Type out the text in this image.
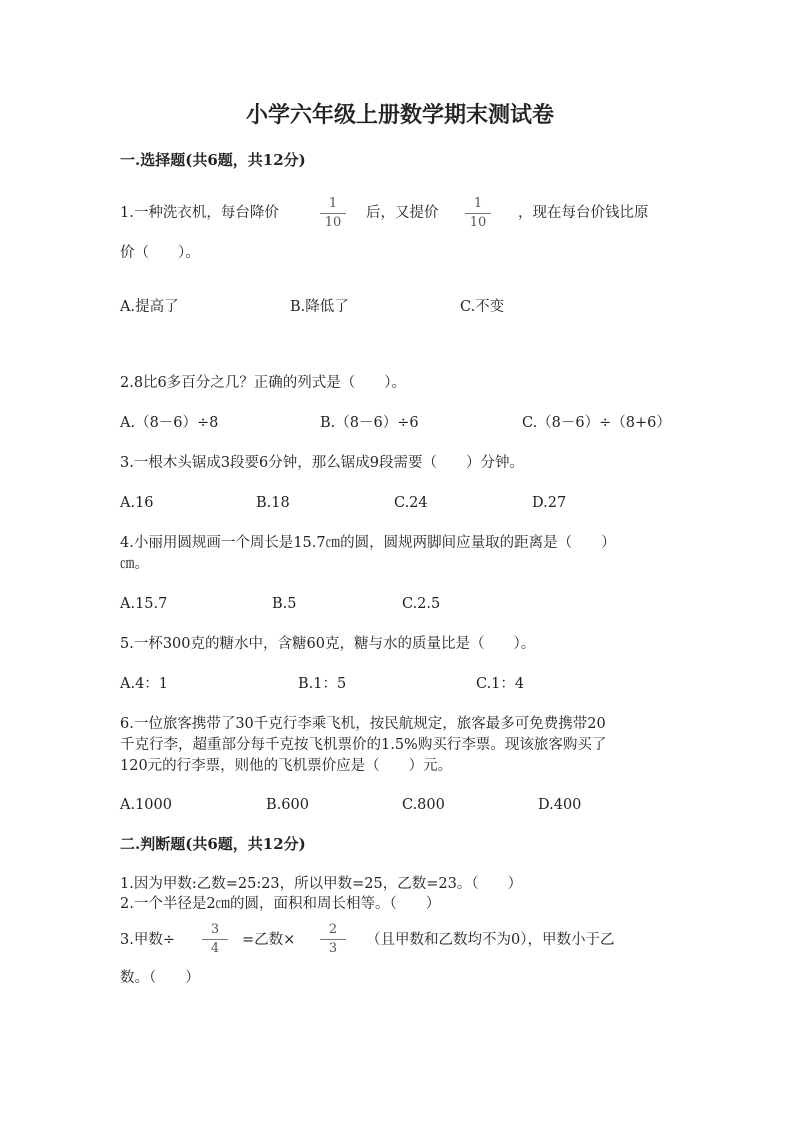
小学六年级上册数学期末测试卷
一.选择题(共6题，共12分)
1.一种洗衣机，每台降价
1
10
后，又提价
1
10
，现在每台价钱比原
价（　　）。
A.提高了	B.降低了	C.不变
2.8比6多百分之几？正确的列式是（　　）。
A.（8－6）÷8	B.（8－6）÷6	C.（8－6）÷（8+6）
3.一根木头锯成3段要6分钟，那么锯成9段需要（　　）分钟。
A.16	B.18	C.24	D.27
4.小丽用圆规画一个周长是15.7㎝的圆，圆规两脚间应量取的距离是（　　）
㎝。
A.15.7	B.5	C.2.5
5.一杯300克的糖水中，含糖60克，糖与水的质量比是（　　）。
A.4：1	B.1：5	C.1：4
6.一位旅客携带了30千克行李乘飞机，按民航规定，旅客最多可免费携带20
千克行李，超重部分每千克按飞机票价的1.5%购买行李票。现该旅客购买了
120元的行李票，则他的飞机票价应是（　　）元。
A.1000	B.600	C.800	D.400
二.判断题(共6题，共12分)
1.因为甲数:乙数=25:23，所以甲数=25，乙数=23。（　　）
2.一个半径是2㎝的圆，面积和周长相等。（　　）
3.甲数÷
3
4
=乙数×
2
3
（且甲数和乙数均不为0），甲数小于乙
数。（　　）
